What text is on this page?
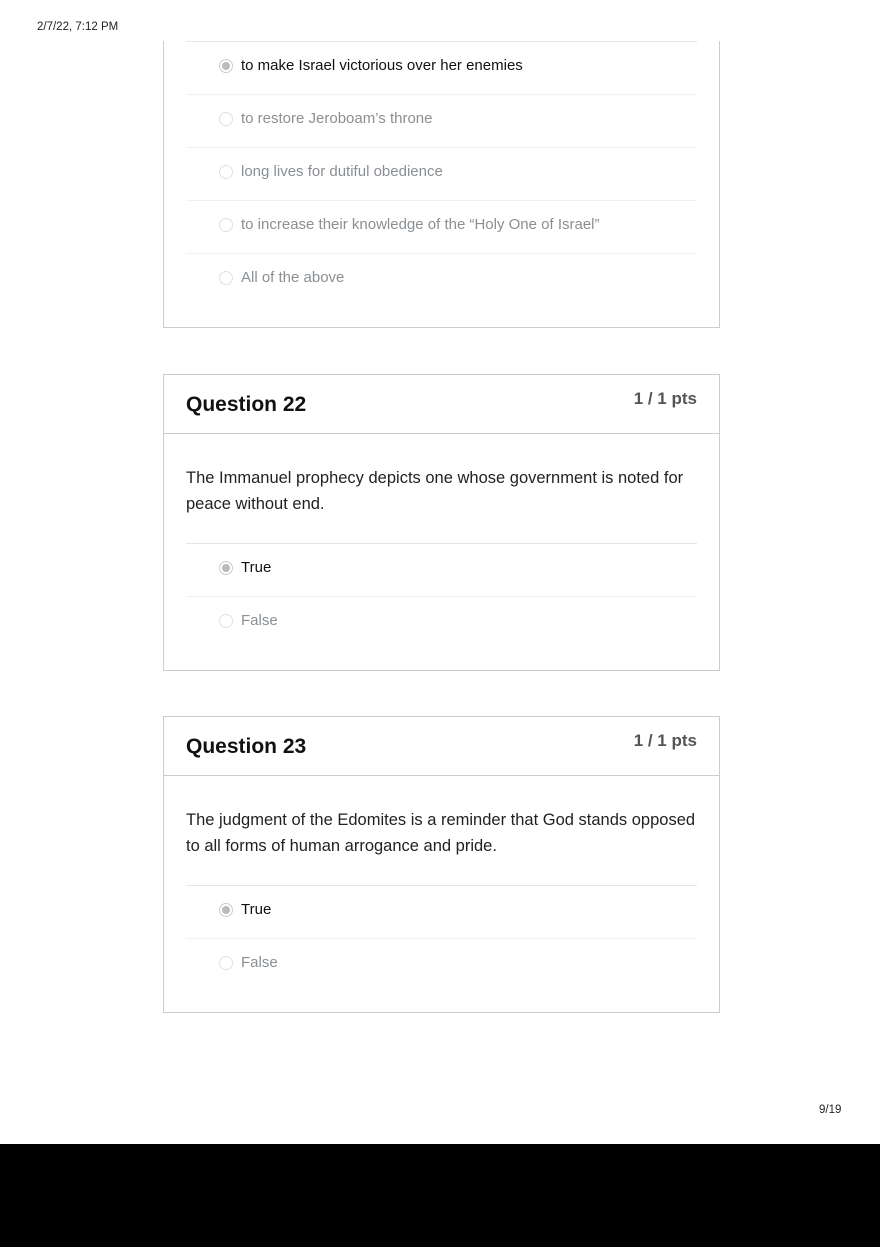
2/7/22, 7:12 PM
to make Israel victorious over her enemies
to restore Jeroboam’s throne
long lives for dutiful obedience
to increase their knowledge of the “Holy One of Israel”
All of the above
Question 22	1 / 1 pts
The Immanuel prophecy depicts one whose government is noted for peace without end.
True
False
Question 23	1 / 1 pts
The judgment of the Edomites is a reminder that God stands opposed to all forms of human arrogance and pride.
True
False
9/19
